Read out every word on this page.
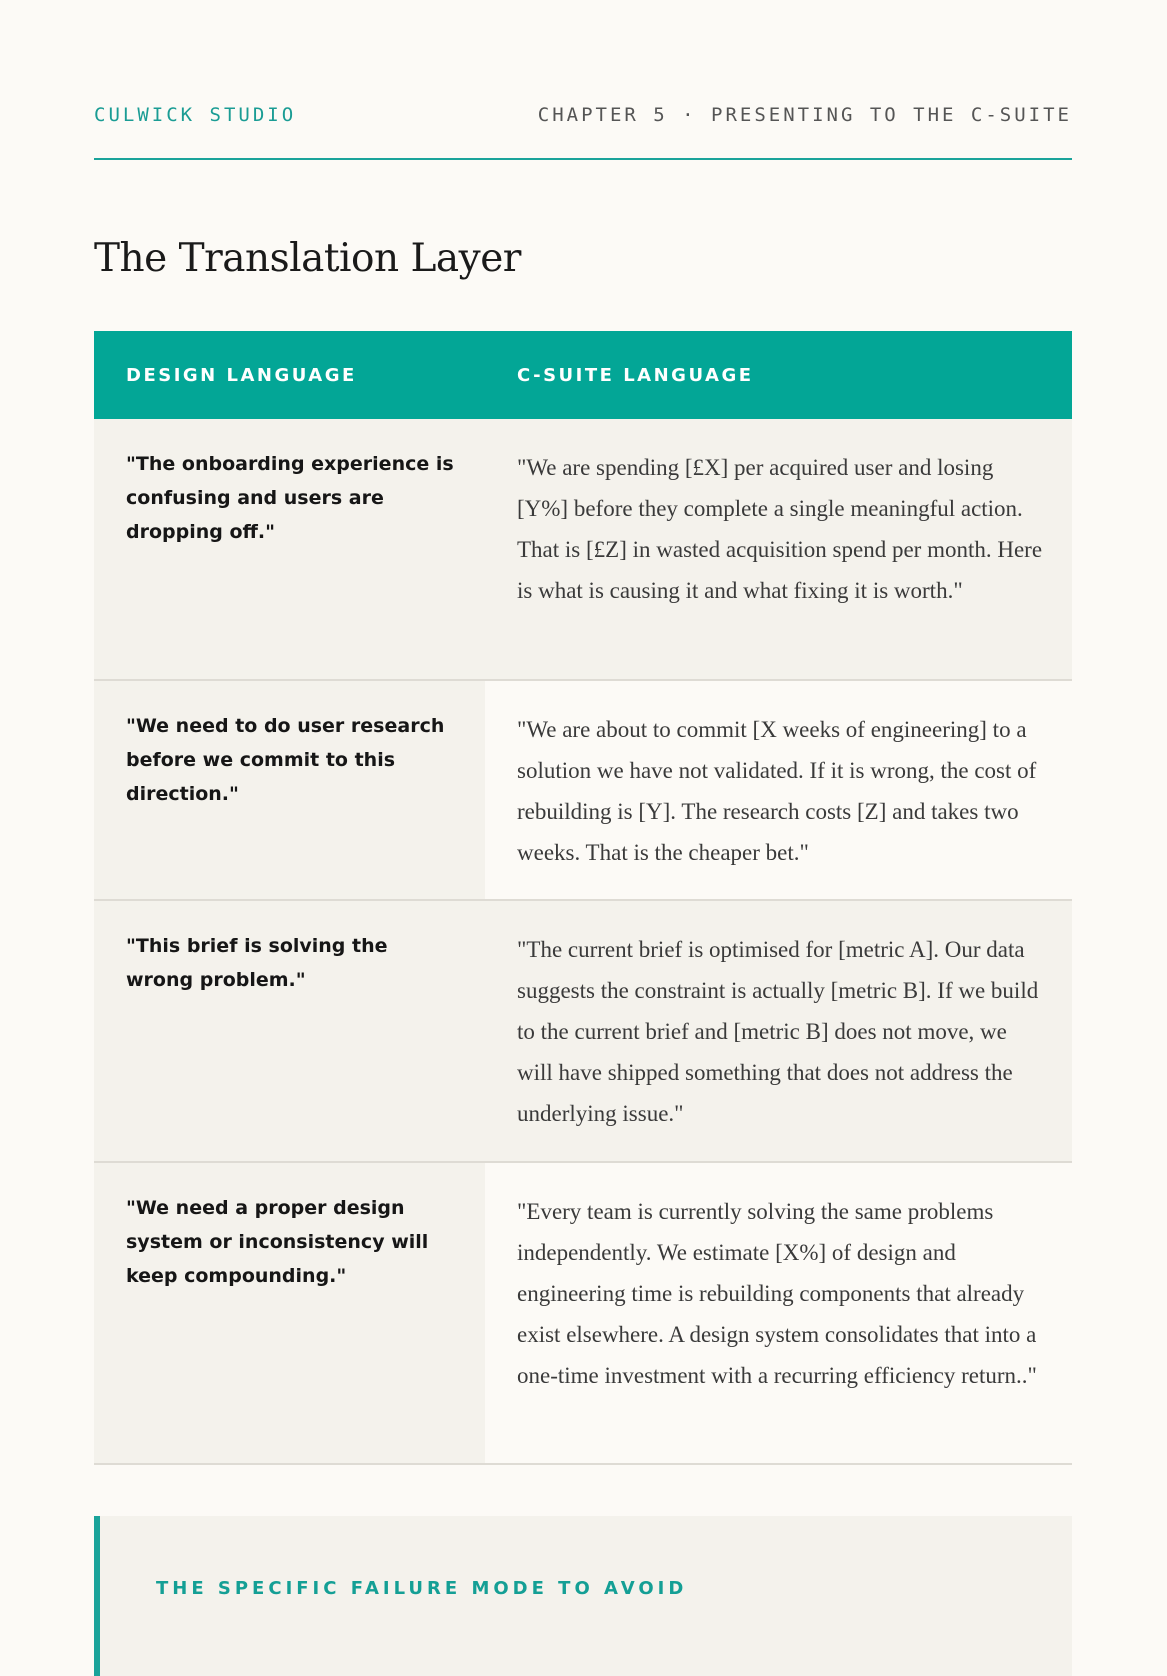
CULWICK STUDIO	CHAPTER 5 · PRESENTING TO THE C-SUITE
The Translation Layer
DESIGN LANGUAGE	C-SUITE LANGUAGE
"The onboarding experience is confusing and users are dropping off."
"We are spending [£X] per acquired user and losing [Y%] before they complete a single meaningful action. That is [£Z] in wasted acquisition spend per month. Here is what is causing it and what fixing it is worth."
"We need to do user research before we commit to this direction."
"We are about to commit [X weeks of engineering] to a solution we have not validated. If it is wrong, the cost of rebuilding is [Y]. The research costs [Z] and takes two weeks. That is the cheaper bet."
"This brief is solving the wrong problem."
"The current brief is optimised for [metric A]. Our data suggests the constraint is actually [metric B]. If we build to the current brief and [metric B] does not move, we will have shipped something that does not address the underlying issue."
"We need a proper design system or inconsistency will keep compounding."
"Every team is currently solving the same problems independently. We estimate [X%] of design and engineering time is rebuilding components that already exist elsewhere. A design system consolidates that into a one-time investment with a recurring efficiency return.."
THE SPECIFIC FAILURE MODE TO AVOID
